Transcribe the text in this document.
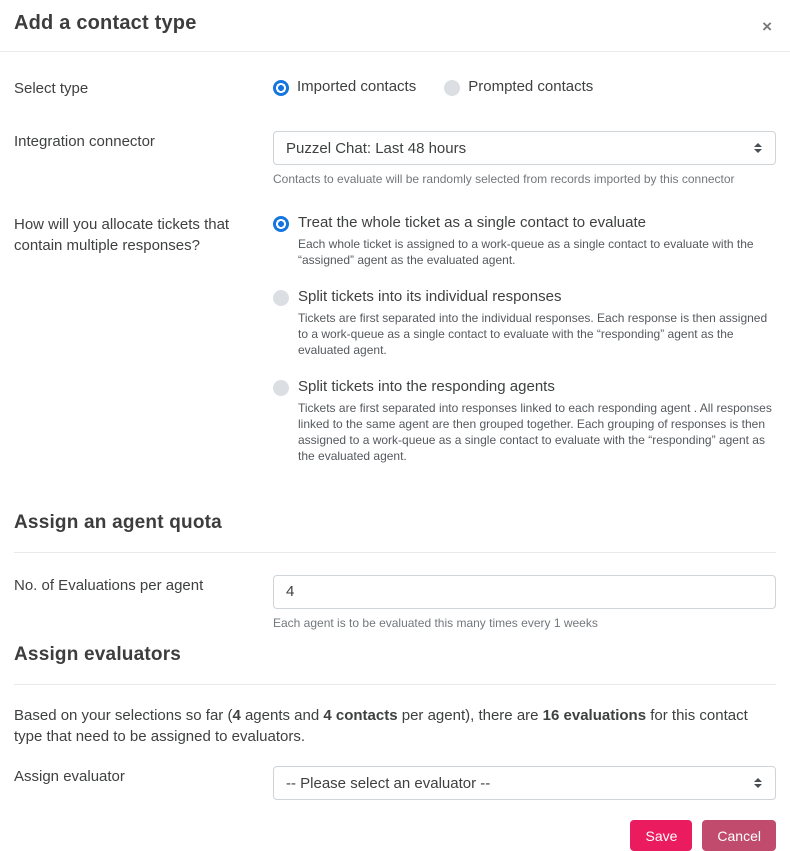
Add a contact type	×
Select type	Imported contacts	Prompted contacts
Integration connector	Puzzel Chat: Last 48 hours
Contacts to evaluate will be randomly selected from records imported by this connector
How will you allocate tickets that contain multiple responses?
Treat the whole ticket as a single contact to evaluate
Each whole ticket is assigned to a work-queue as a single contact to evaluate with the “assigned” agent as the evaluated agent.
Split tickets into its individual responses
Tickets are first separated into the individual responses. Each response is then assigned to a work-queue as a single contact to evaluate with the “responding” agent as the evaluated agent.
Split tickets into the responding agents
Tickets are first separated into responses linked to each responding agent . All responses linked to the same agent are then grouped together. Each grouping of responses is then assigned to a work-queue as a single contact to evaluate with the “responding” agent as the evaluated agent.
Assign an agent quota
No. of Evaluations per agent
4
Each agent is to be evaluated this many times every 1 weeks
Assign evaluators

Based on your selections so far (4 agents and 4 contacts per agent), there are 16 evaluations for this contact type that need to be assigned to evaluators.

Assign evaluator	-- Please select an evaluator --
Save	Cancel
